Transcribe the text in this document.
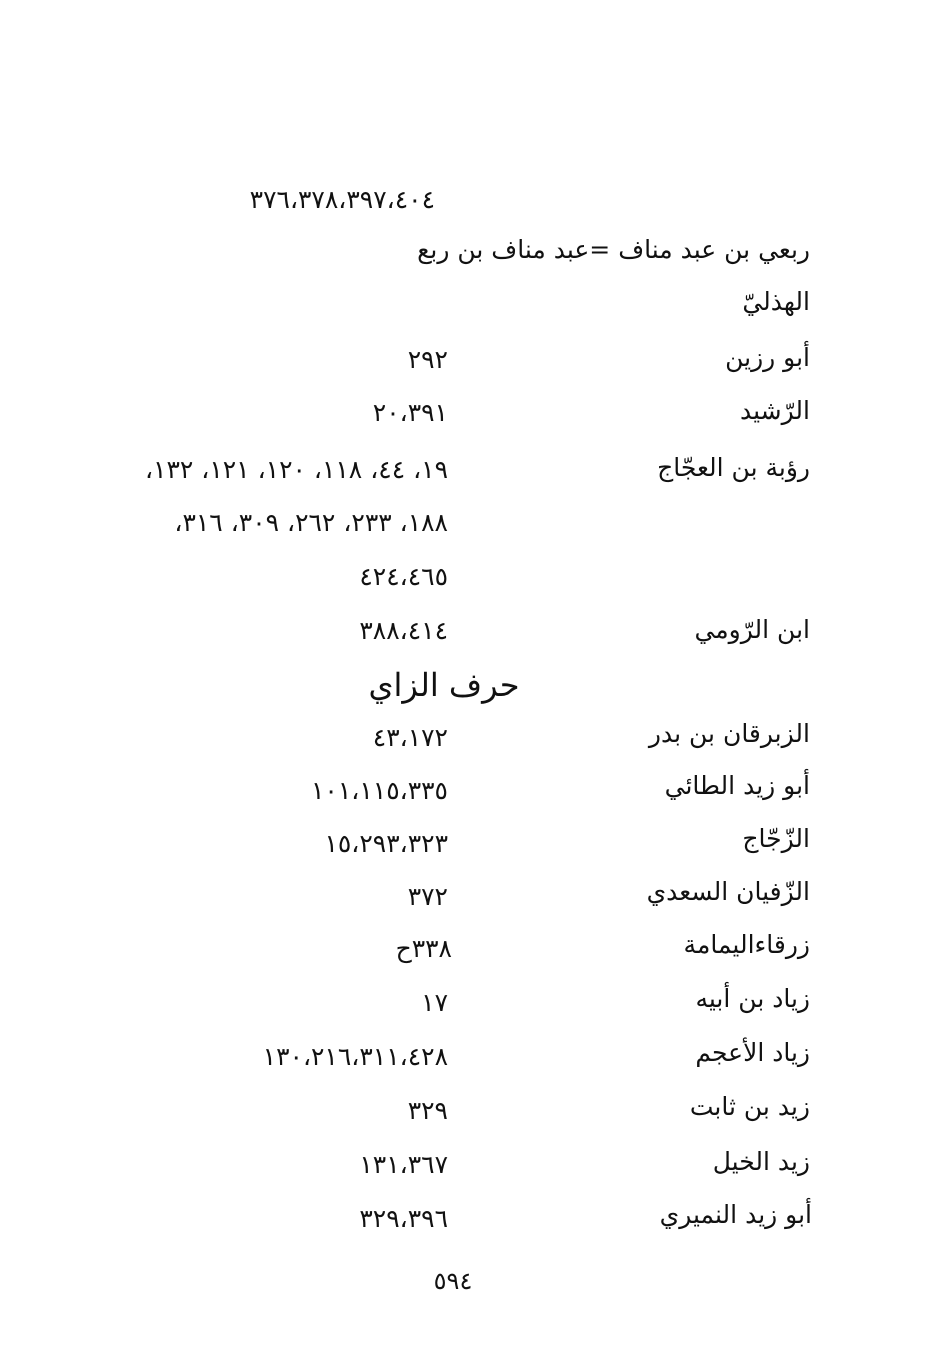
٣٧٦،٣٧٨،٣٩٧،٤٠٤
ربعي بن عبد مناف =عبد مناف بن ربع
الهذليّ
أبو رزين
٢٩٢
الرّشيد
٢٠،٣٩١
رؤبة بن العجّاج
١٩، ٤٤، ١١٨، ١٢٠، ١٢١، ١٣٢،
١٨٨، ٢٣٣، ٢٦٢، ٣٠٩، ٣١٦،
٤٢٤،٤٦٥
ابن الرّومي
٣٨٨،٤١٤
حرف الزاي
الزبرقان بن بدر
٤٣،١٧٢
أبو زيد الطائي
١٠١،١١٥،٣٣٥
الزّجّاج
١٥،٢٩٣،٣٢٣
الزّفيان السعدي
٣٧٢
زرقاءاليمامة
٣٣٨ح
زياد بن أبيه
١٧
زياد الأعجم
١٣٠،٢١٦،٣١١،٤٢٨
زيد بن ثابت
٣٢٩
زيد الخيل
١٣١،٣٦٧
أبو زيد النميري
٣٢٩،٣٩٦
٥٩٤
